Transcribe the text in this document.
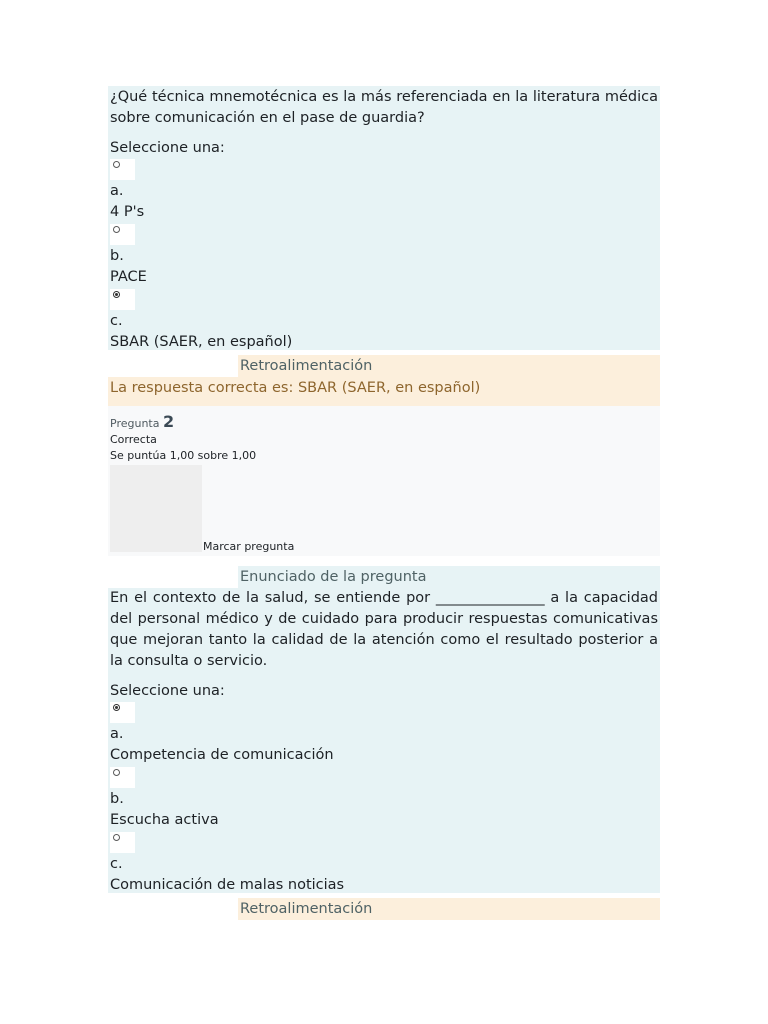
¿Qué técnica mnemotécnica es la más referenciada en la literatura médica sobre comunicación en el pase de guardia?
Seleccione una:
a.
4 P's
b.
PACE
c.
SBAR (SAER, en español)
Retroalimentación
La respuesta correcta es: SBAR (SAER, en español)
Pregunta 2
Correcta
Se puntúa 1,00 sobre 1,00
Marcar pregunta
Enunciado de la pregunta
En el contexto de la salud, se entiende por _______________ a la capacidad del personal médico y de cuidado para producir respuestas comunicativas que mejoran tanto la calidad de la atención como el resultado posterior a la consulta o servicio.
Seleccione una:
a.
Competencia de comunicación
b.
Escucha activa
c.
Comunicación de malas noticias
Retroalimentación
